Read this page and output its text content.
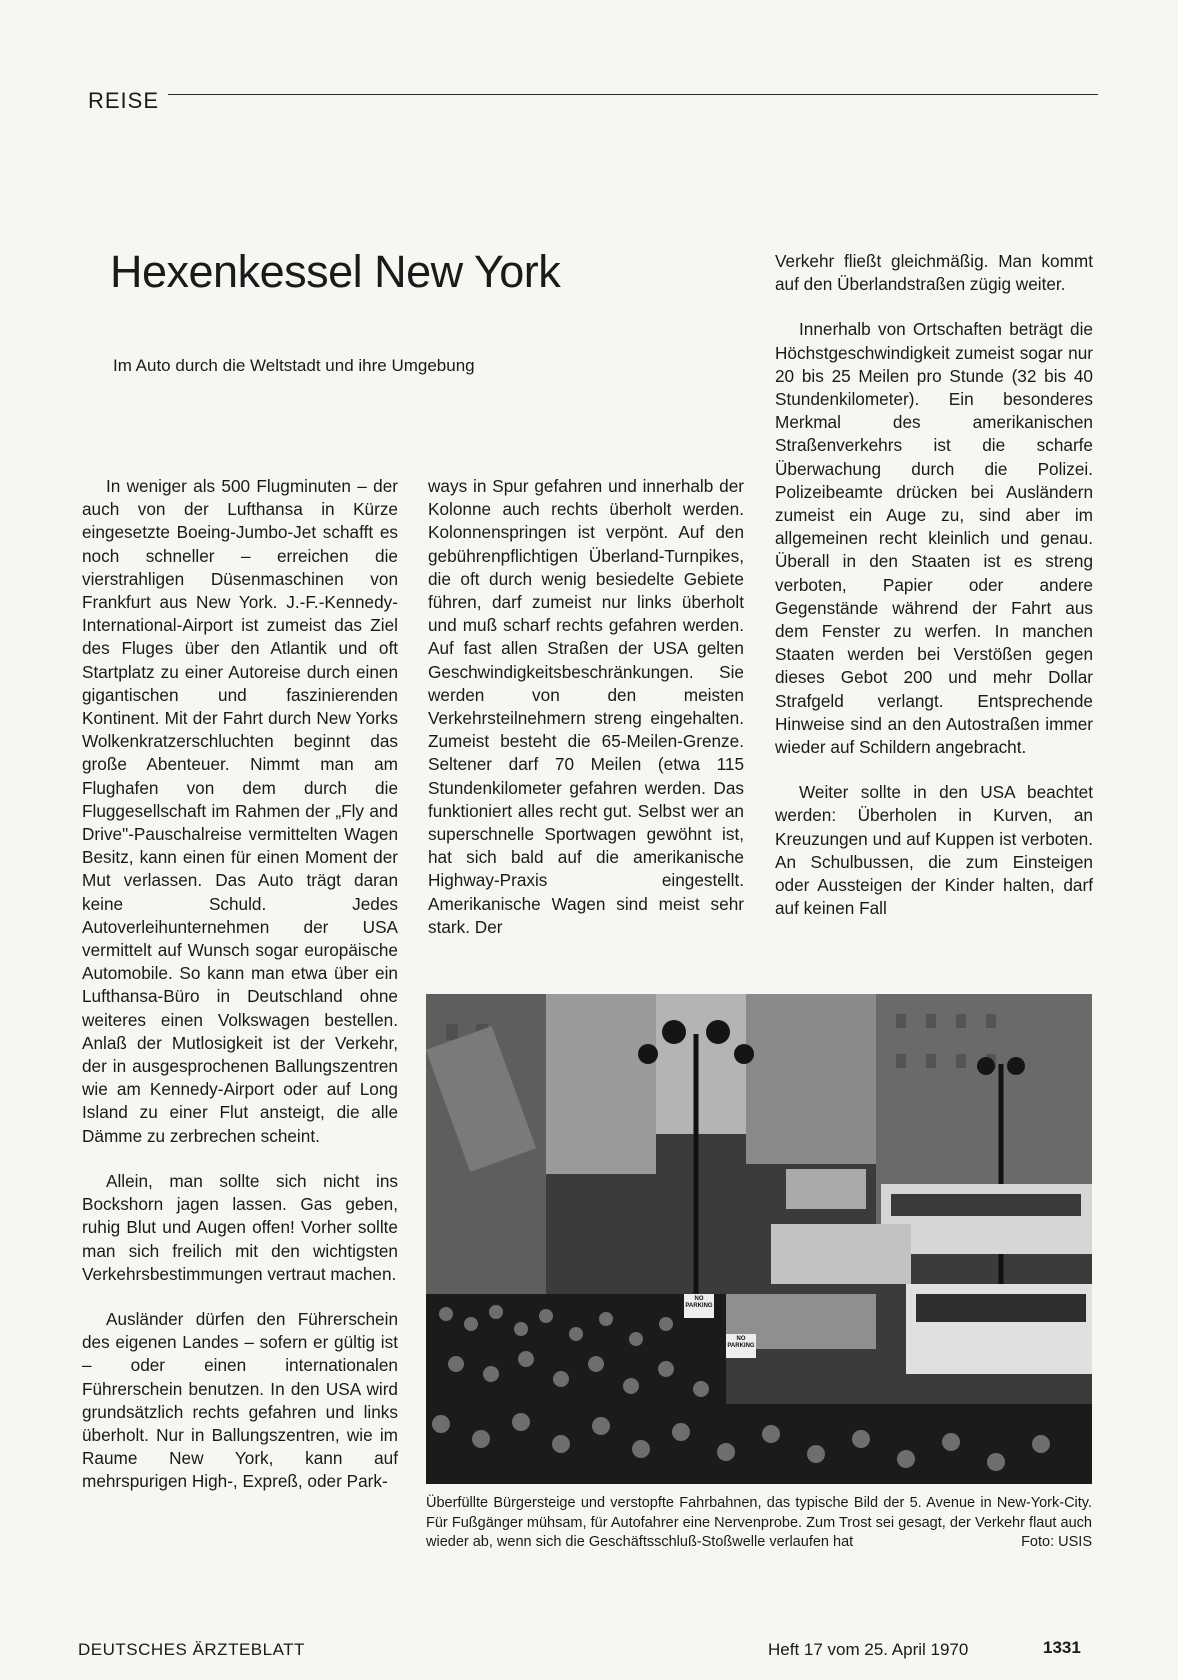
REISE
Hexenkessel New York

Im Auto durch die Weltstadt und ihre Umgebung

In weniger als 500 Flugminuten – der auch von der Lufthansa in Kürze eingesetzte Boeing-Jumbo-Jet schafft es noch schneller – erreichen die vierstrahligen Düsenmaschinen von Frankfurt aus New York. J.-F.-Kennedy-International-Airport ist zumeist das Ziel des Fluges über den Atlantik und oft Startplatz zu einer Autoreise durch einen gigantischen und faszinierenden Kontinent. Mit der Fahrt durch New Yorks Wolkenkratzerschluchten beginnt das große Abenteuer. Nimmt man am Flughafen von dem durch die Fluggesellschaft im Rahmen der „Fly and Drive"-Pauschalreise vermittelten Wagen Besitz, kann einen für einen Moment der Mut verlassen. Das Auto trägt daran keine Schuld. Jedes Autoverleihunternehmen der USA vermittelt auf Wunsch sogar europäische Automobile. So kann man etwa über ein Lufthansa-Büro in Deutschland ohne weiteres einen Volkswagen bestellen. Anlaß der Mutlosigkeit ist der Verkehr, der in ausgesprochenen Ballungszentren wie am Kennedy-Airport oder auf Long Island zu einer Flut ansteigt, die alle Dämme zu zerbrechen scheint.

Allein, man sollte sich nicht ins Bockshorn jagen lassen. Gas geben, ruhig Blut und Augen offen! Vorher sollte man sich freilich mit den wichtigsten Verkehrsbestimmungen vertraut machen.

Ausländer dürfen den Führerschein des eigenen Landes – sofern er gültig ist – oder einen internationalen Führerschein benutzen. In den USA wird grundsätzlich rechts gefahren und links überholt. Nur in Ballungszentren, wie im Raume New York, kann auf mehrspurigen High-, Expreß, oder Park-

ways in Spur gefahren und innerhalb der Kolonne auch rechts überholt werden. Kolonnenspringen ist verpönt. Auf den gebührenpflichtigen Überland-Turnpikes, die oft durch wenig besiedelte Gebiete führen, darf zumeist nur links überholt und muß scharf rechts gefahren werden. Auf fast allen Straßen der USA gelten Geschwindigkeitsbeschränkungen. Sie werden von den meisten Verkehrsteilnehmern streng eingehalten. Zumeist besteht die 65-Meilen-Grenze. Seltener darf 70 Meilen (etwa 115 Stundenkilometer gefahren werden. Das funktioniert alles recht gut. Selbst wer an superschnelle Sportwagen gewöhnt ist, hat sich bald auf die amerikanische Highway-Praxis eingestellt. Amerikanische Wagen sind meist sehr stark. Der

Verkehr fließt gleichmäßig. Man kommt auf den Überlandstraßen zügig weiter.

Innerhalb von Ortschaften beträgt die Höchstgeschwindigkeit zumeist sogar nur 20 bis 25 Meilen pro Stunde (32 bis 40 Stundenkilometer). Ein besonderes Merkmal des amerikanischen Straßenverkehrs ist die scharfe Überwachung durch die Polizei. Polizeibeamte drücken bei Ausländern zumeist ein Auge zu, sind aber im allgemeinen recht kleinlich und genau. Überall in den Staaten ist es streng verboten, Papier oder andere Gegenstände während der Fahrt aus dem Fenster zu werfen. In manchen Staaten werden bei Verstößen gegen dieses Gebot 200 und mehr Dollar Strafgeld verlangt. Entsprechende Hinweise sind an den Autostraßen immer wieder auf Schildern angebracht.

Weiter sollte in den USA beachtet werden: Überholen in Kurven, an Kreuzungen und auf Kuppen ist verboten. An Schulbussen, die zum Einsteigen oder Aussteigen der Kinder halten, darf auf keinen Fall

NO PARKING
NO PARKING

Überfüllte Bürgersteige und verstopfte Fahrbahnen, das typische Bild der 5. Avenue in New-York-City. Für Fußgänger mühsam, für Autofahrer eine Nervenprobe. Zum Trost sei gesagt, der Verkehr flaut auch wieder ab, wenn sich die Geschäftsschluß-Stoßwelle verlaufen hat	Foto: USIS

DEUTSCHES ÄRZTEBLATT	Heft 17 vom 25. April 1970	1331
